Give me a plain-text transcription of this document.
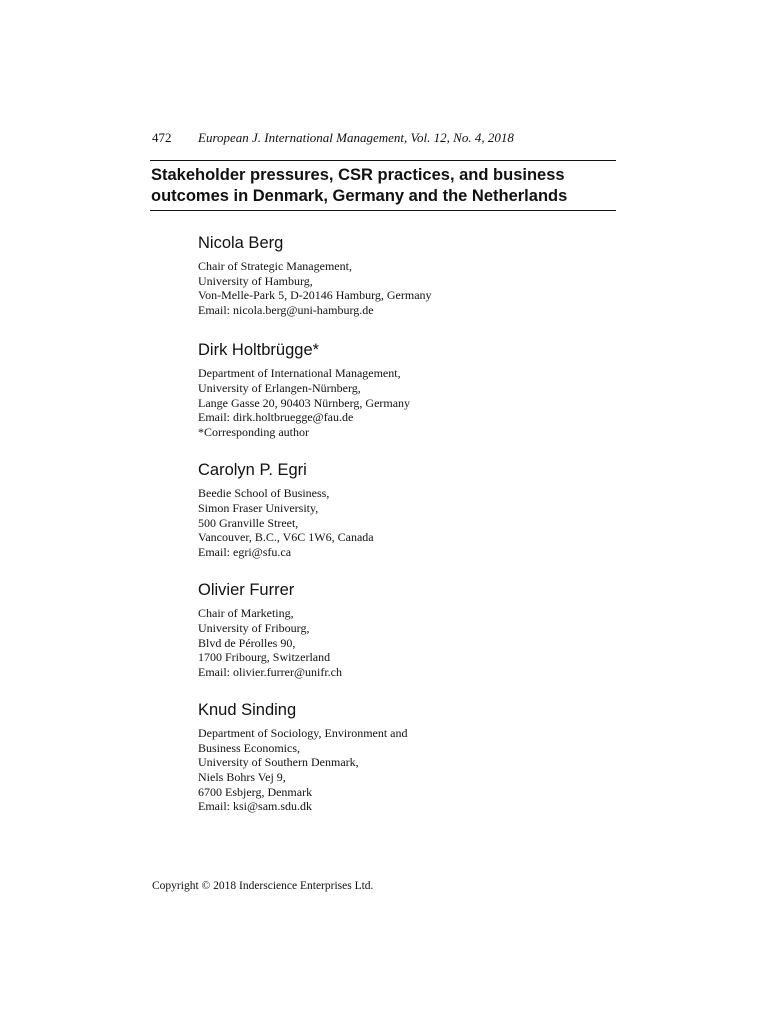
472 European J. International Management, Vol. 12, No. 4, 2018
Stakeholder pressures, CSR practices, and business
outcomes in Denmark, Germany and the Netherlands
Nicola Berg
Chair of Strategic Management,
University of Hamburg,
Von-Melle-Park 5, D-20146 Hamburg, Germany
Email: nicola.berg@uni-hamburg.de
Dirk Holtbrügge*
Department of International Management,
University of Erlangen-Nürnberg,
Lange Gasse 20, 90403 Nürnberg, Germany
Email: dirk.holtbruegge@fau.de
*Corresponding author
Carolyn P. Egri
Beedie School of Business,
Simon Fraser University,
500 Granville Street,
Vancouver, B.C., V6C 1W6, Canada
Email: egri@sfu.ca
Olivier Furrer
Chair of Marketing,
University of Fribourg,
Blvd de Pérolles 90,
1700 Fribourg, Switzerland
Email: olivier.furrer@unifr.ch
Knud Sinding
Department of Sociology, Environment and
Business Economics,
University of Southern Denmark,
Niels Bohrs Vej 9,
6700 Esbjerg, Denmark
Email: ksi@sam.sdu.dk
Copyright © 2018 Inderscience Enterprises Ltd.
